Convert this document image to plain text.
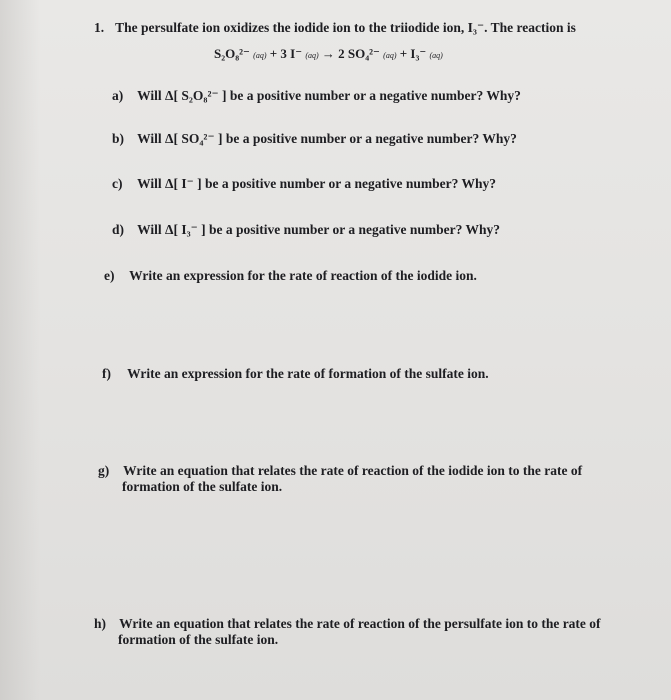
1. The persulfate ion oxidizes the iodide ion to the triiodide ion, I₃⁻. The reaction is
S₂O₈²⁻ (aq) + 3 I⁻ (aq) → 2 SO₄²⁻ (aq) + I₃⁻ (aq)
a) Will Δ[ S₂O₈²⁻ ] be a positive number or a negative number? Why?
b) Will Δ[ SO₄²⁻ ] be a positive number or a negative number? Why?
c) Will Δ[ I⁻ ] be a positive number or a negative number? Why?
d) Will Δ[ I₃⁻ ] be a positive number or a negative number? Why?
e) Write an expression for the rate of reaction of the iodide ion.
f) Write an expression for the rate of formation of the sulfate ion.
g) Write an equation that relates the rate of reaction of the iodide ion to the rate of
formation of the sulfate ion.
h) Write an equation that relates the rate of reaction of the persulfate ion to the rate of
formation of the sulfate ion.
